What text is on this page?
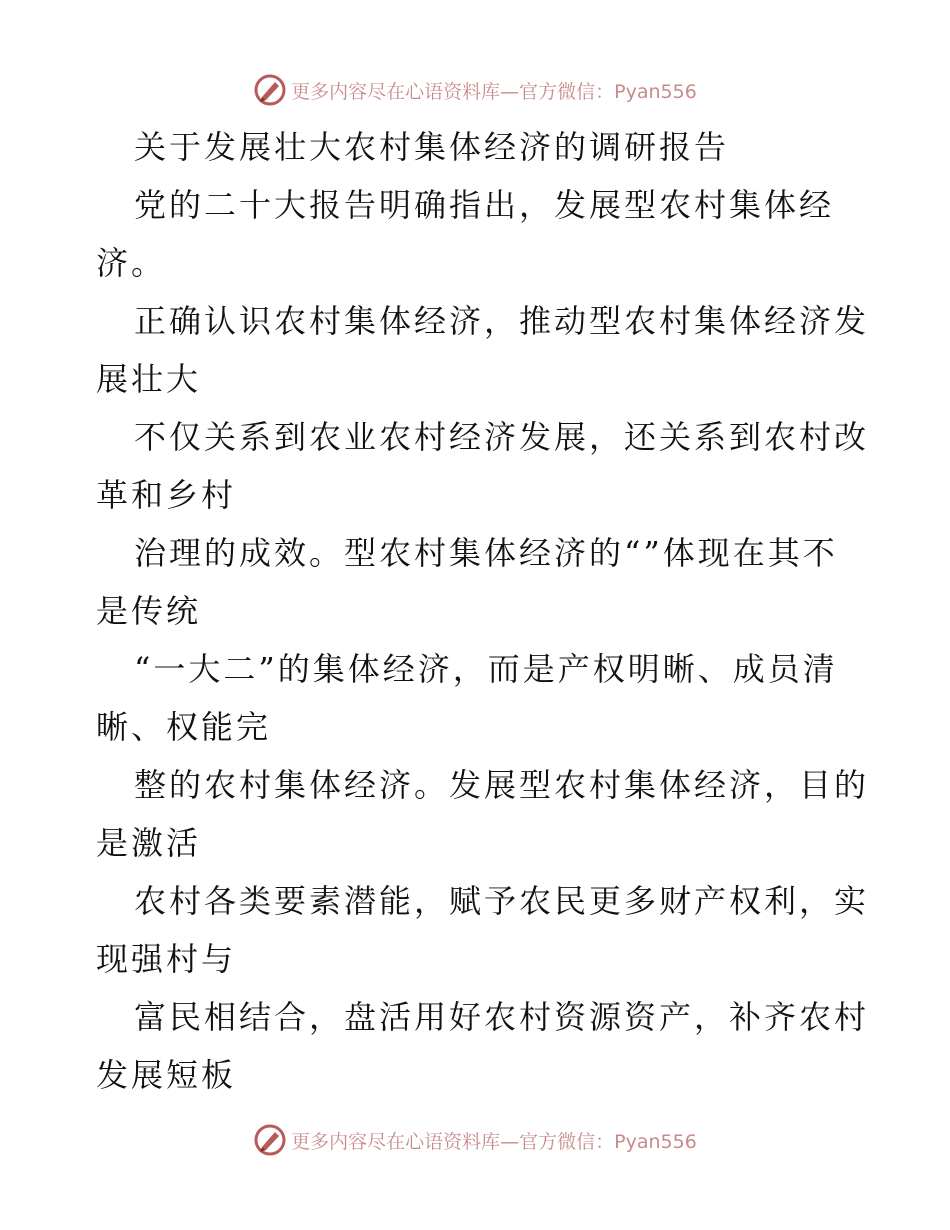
更多内容尽在心语资料库—官方微信：Pyan556
关于发展壮大农村集体经济的调研报告
党的二十大报告明确指出，发展型农村集体经
济。
正确认识农村集体经济，推动型农村集体经济发
展壮大
不仅关系到农业农村经济发展，还关系到农村改
革和乡村
治理的成效。型农村集体经济的“”体现在其不
是传统
“一大二”的集体经济，而是产权明晰、成员清
晰、权能完
整的农村集体经济。发展型农村集体经济，目的
是激活
农村各类要素潜能，赋予农民更多财产权利，实
现强村与
富民相结合，盘活用好农村资源资产，补齐农村
发展短板
更多内容尽在心语资料库—官方微信：Pyan556
